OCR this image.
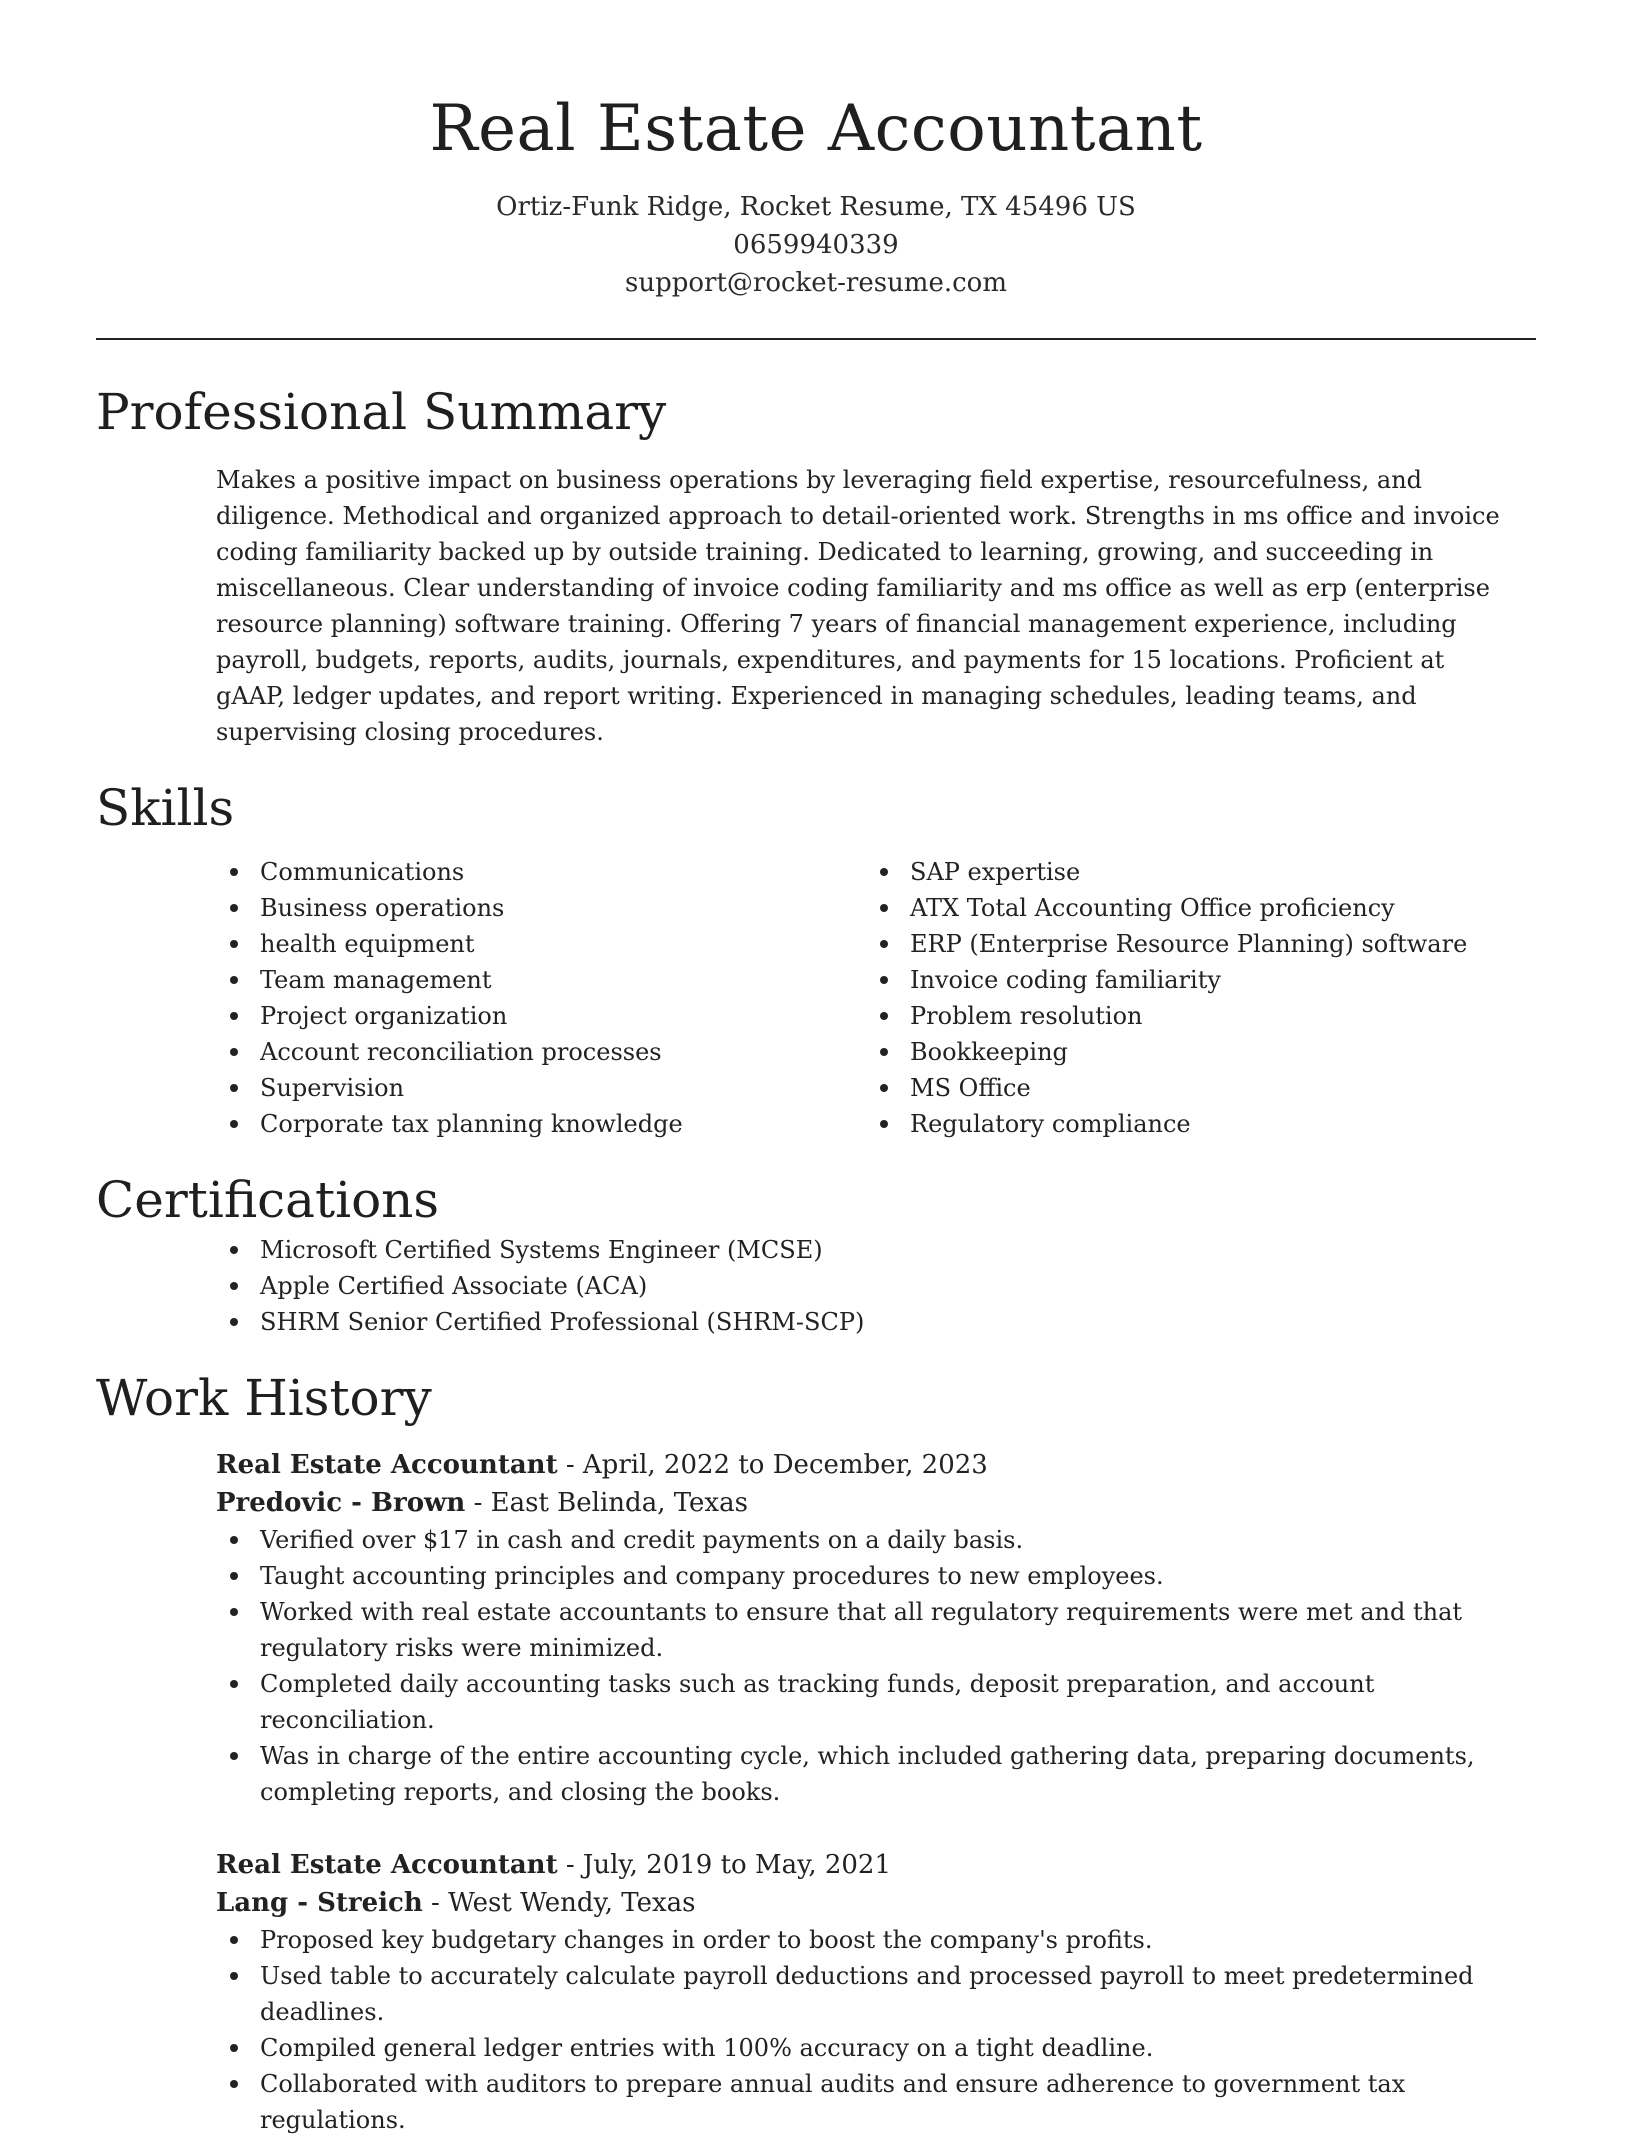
Real Estate Accountant
Ortiz-Funk Ridge, Rocket Resume, TX 45496 US
0659940339
support@rocket-resume.com
Professional Summary

Makes a positive impact on business operations by leveraging field expertise, resourcefulness, and diligence. Methodical and organized approach to detail-oriented work. Strengths in ms office and invoice coding familiarity backed up by outside training. Dedicated to learning, growing, and succeeding in miscellaneous. Clear understanding of invoice coding familiarity and ms office as well as erp (enterprise resource planning) software training. Offering 7 years of financial management experience, including payroll, budgets, reports, audits, journals, expenditures, and payments for 15 locations. Proficient at gAAP, ledger updates, and report writing. Experienced in managing schedules, leading teams, and supervising closing procedures.

Skills
Communications
Business operations
health equipment
Team management
Project organization
Account reconciliation processes
Supervision
Corporate tax planning knowledge
SAP expertise
ATX Total Accounting Office proficiency
ERP (Enterprise Resource Planning) software
Invoice coding familiarity
Problem resolution
Bookkeeping
MS Office
Regulatory compliance
Certifications
Microsoft Certified Systems Engineer (MCSE)
Apple Certified Associate (ACA)
SHRM Senior Certified Professional (SHRM-SCP)
Work History
Real Estate Accountant - April, 2022 to December, 2023
Predovic - Brown - East Belinda, Texas
Verified over $17 in cash and credit payments on a daily basis.
Taught accounting principles and company procedures to new employees.
Worked with real estate accountants to ensure that all regulatory requirements were met and that regulatory risks were minimized.
Completed daily accounting tasks such as tracking funds, deposit preparation, and account reconciliation.
Was in charge of the entire accounting cycle, which included gathering data, preparing documents, completing reports, and closing the books.
Real Estate Accountant - July, 2019 to May, 2021
Lang - Streich - West Wendy, Texas
Proposed key budgetary changes in order to boost the company's profits.
Used table to accurately calculate payroll deductions and processed payroll to meet predetermined deadlines.
Compiled general ledger entries with 100% accuracy on a tight deadline.
Collaborated with auditors to prepare annual audits and ensure adherence to government tax regulations.
